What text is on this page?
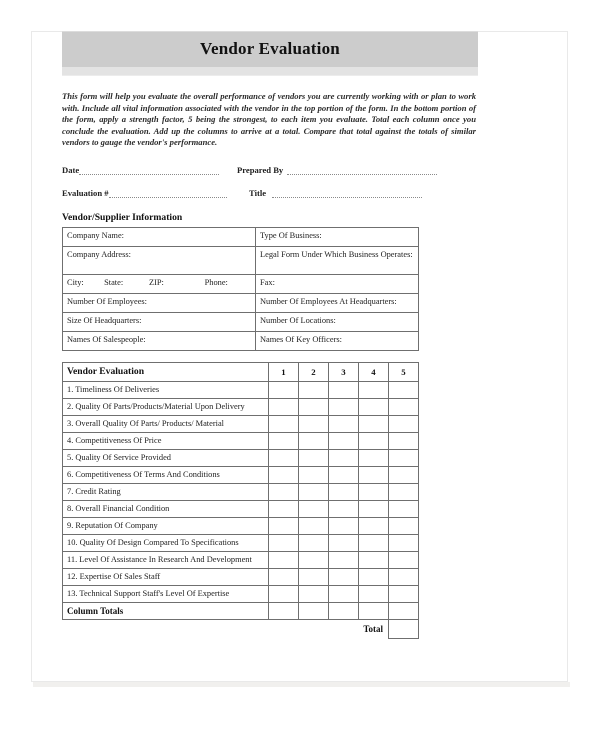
Vendor Evaluation
This form will help you evaluate the overall performance of vendors you are currently working with or plan to work with. Include all vital information associated with the vendor in the top portion of the form. In the bottom portion of the form, apply a strength factor, 5 being the strongest, to each item you evaluate. Total each column once you conclude the evaluation. Add up the columns to arrive at a total. Compare that total against the totals of similar vendors to gauge the vendor's performance.
Date	Prepared By
Evaluation #	Title
Vendor/Supplier Information
Company Name:	Type Of Business:
Company Address:	Legal Form Under Which Business Operates:

City: State: ZIP: Phone:	Fax:
Number Of Employees:	Number Of Employees At Headquarters:
Size Of Headquarters:	Number Of Locations:
Names Of Salespeople:	Names Of Key Officers:
Vendor Evaluation	1	2	3	4	5
1. Timeliness Of Deliveries					
2. Quality Of Parts/Products/Material Upon Delivery					
3. Overall Quality Of Parts/ Products/ Material					
4. Competitiveness Of Price					
5. Quality Of Service Provided					
6. Competitiveness Of Terms And Conditions					
7. Credit Rating					
8. Overall Financial Condition					
9. Reputation Of Company					
10. Quality Of Design Compared To Specifications					
11. Level Of Assistance In Research And Development					
12. Expertise Of Sales Staff					
13. Technical Support Staff's Level Of Expertise					
Column Totals					
Total					
